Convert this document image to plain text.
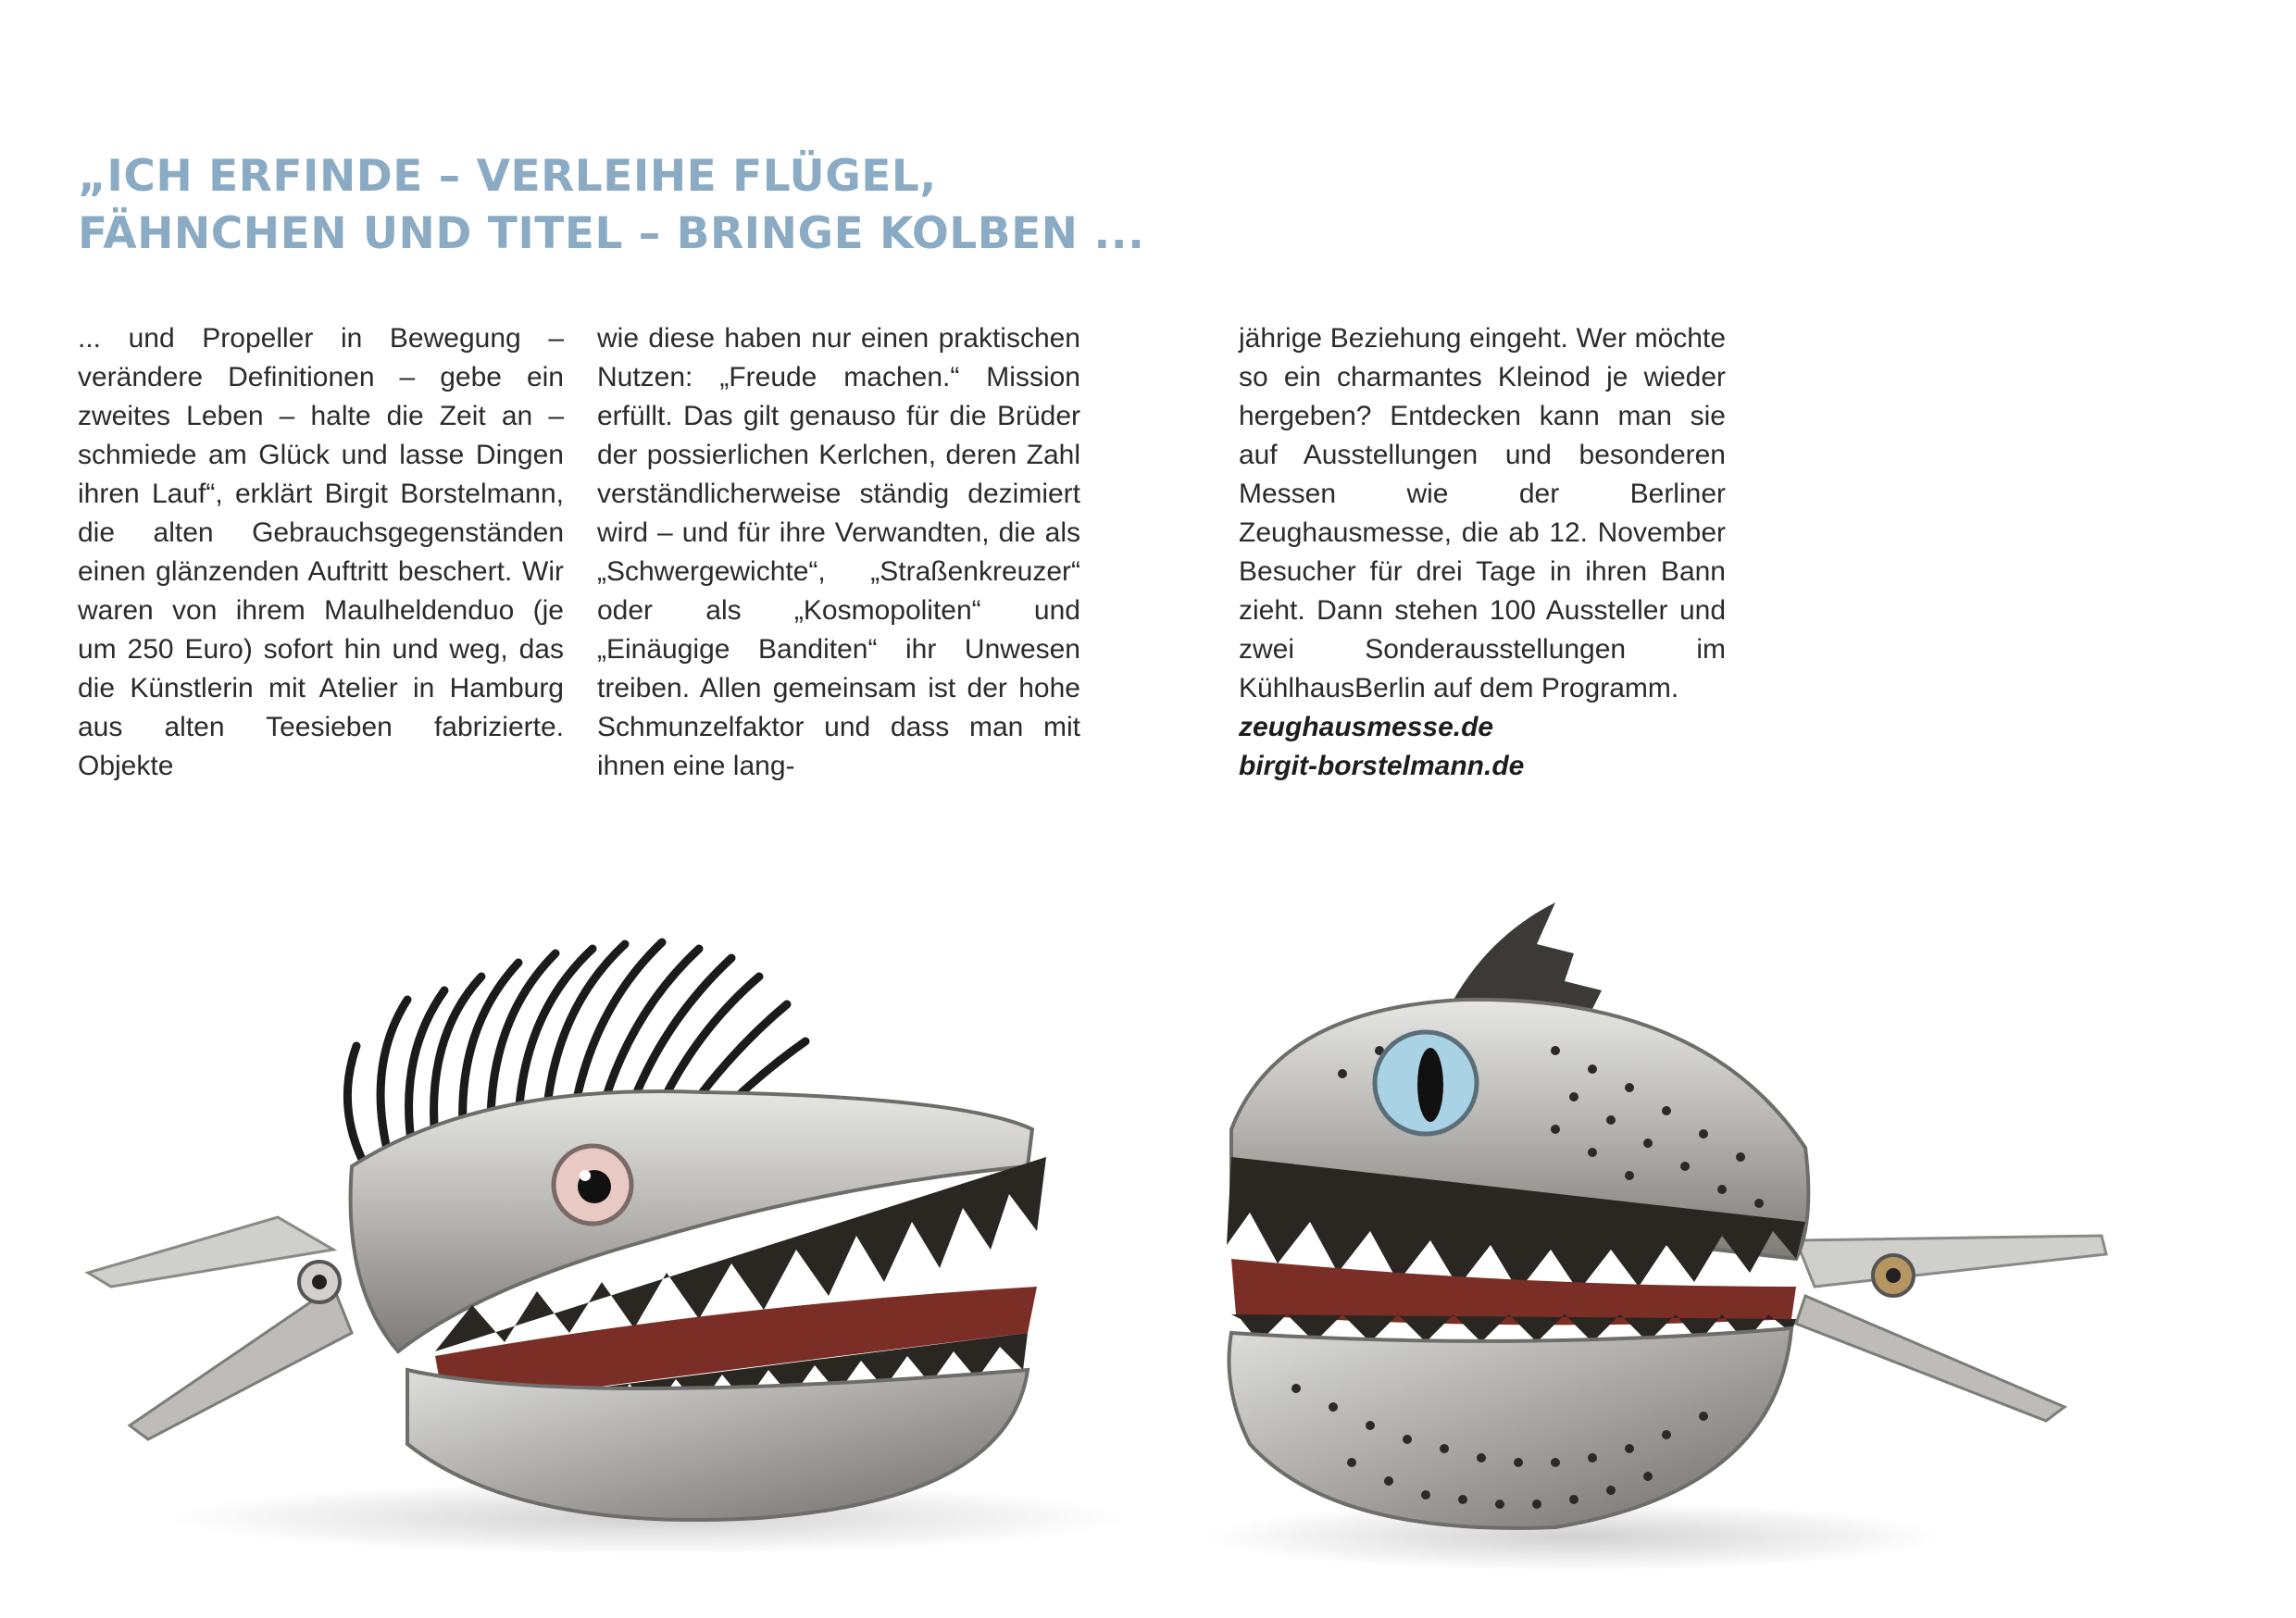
„ICH ERFINDE – VERLEIHE FLÜGEL,
FÄHNCHEN UND TITEL – BRINGE KOLBEN ...

... und Propeller in Bewegung – verändere Definitionen – gebe ein zweites Leben – halte die Zeit an – schmiede am Glück und lasse Dingen ihren Lauf“, erklärt Birgit Borstelmann, die alten Gebrauchsgegenständen einen glänzenden Auftritt beschert. Wir waren von ihrem Maulheldenduo (je um 250 Euro) sofort hin und weg, das die Künstlerin mit Atelier in Hamburg aus alten Teesieben fabrizierte. Objekte

wie diese haben nur einen praktischen Nutzen: „Freude machen.“ Mission erfüllt. Das gilt genauso für die Brüder der possierlichen Kerlchen, deren Zahl verständlicherweise ständig dezimiert wird – und für ihre Verwandten, die als „Schwergewichte“, „Straßenkreuzer“ oder als „Kosmopoliten“ und „Einäugige Banditen“ ihr Unwesen treiben. Allen gemeinsam ist der hohe Schmunzelfaktor und dass man mit ihnen eine lang-

jährige Beziehung eingeht. Wer möchte so ein charmantes Kleinod je wieder hergeben? Entdecken kann man sie auf Ausstellungen und besonderen Messen wie der Berliner Zeughausmesse, die ab 12. November Besucher für drei Tage in ihren Bann zieht. Dann stehen 100 Aussteller und zwei Sonderausstellungen im KühlhausBerlin auf dem Programm.
zeughausmesse.de
birgit-borstelmann.de
